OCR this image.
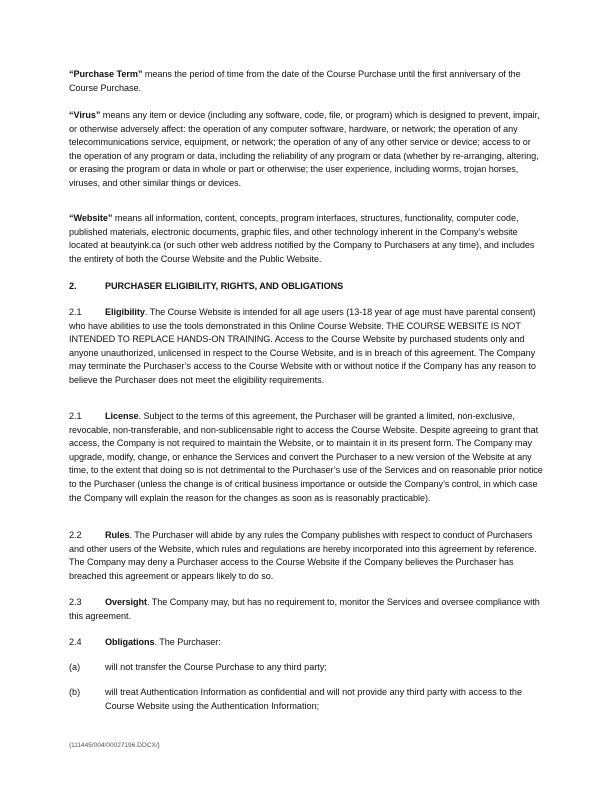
“Purchase Term” means the period of time from the date of the Course Purchase until the first anniversary of the Course Purchase.

“Virus” means any item or device (including any software, code, file, or program) which is designed to prevent, impair, or otherwise adversely affect: the operation of any computer software, hardware, or network; the operation of any telecommunications service, equipment, or network; the operation of any of any other service or device; access to or the operation of any program or data, including the reliability of any program or data (whether by re-arranging, altering, or erasing the program or data in whole or part or otherwise; the user experience, including worms, trojan horses, viruses, and other similar things or devices.

“Website” means all information, content, concepts, program interfaces, structures, functionality, computer code, published materials, electronic documents, graphic files, and other technology inherent in the Company’s website located at beautyink.ca (or such other web address notified by the Company to Purchasers at any time), and includes the entirety of both the Course Website and the Public Website.

2.	PURCHASER ELIGIBILITY, RIGHTS, AND OBLIGATIONS

2.1	Eligibility. The Course Website is intended for all age users (13-18 year of age must have parental consent) who have abilities to use the tools demonstrated in this Online Course Website. THE COURSE WEBSITE IS NOT INTENDED TO REPLACE HANDS-ON TRAINING. Access to the Course Website by purchased students only and anyone unauthorized, unlicensed in respect to the Course Website, and is in breach of this agreement. The Company may terminate the Purchaser’s access to the Course Website with or without notice if the Company has any reason to believe the Purchaser does not meet the eligibility requirements.

2.1	License. Subject to the terms of this agreement, the Purchaser will be granted a limited, non-exclusive, revocable, non-transferable, and non-sublicensable right to access the Course Website. Despite agreeing to grant that access, the Company is not required to maintain the Website, or to maintain it in its present form. The Company may upgrade, modify, change, or enhance the Services and convert the Purchaser to a new version of the Website at any time, to the extent that doing so is not detrimental to the Purchaser’s use of the Services and on reasonable prior notice to the Purchaser (unless the change is of critical business importance or outside the Company’s control, in which case the Company will explain the reason for the changes as soon as is reasonably practicable).

2.2	Rules. The Purchaser will abide by any rules the Company publishes with respect to conduct of Purchasers and other users of the Website, which rules and regulations are hereby incorporated into this agreement by reference. The Company may deny a Purchaser access to the Course Website if the Company believes the Purchaser has breached this agreement or appears likely to do so.

2.3	Oversight. The Company may, but has no requirement to, monitor the Services and oversee compliance with this agreement.

2.4	Obligations. The Purchaser:

(a)	will not transfer the Course Purchase to any third party;
(b)	will treat Authentication Information as confidential and will not provide any third party with access to the Course Website using the Authentication Information;
{111445/004/00027196.DOCX/}
